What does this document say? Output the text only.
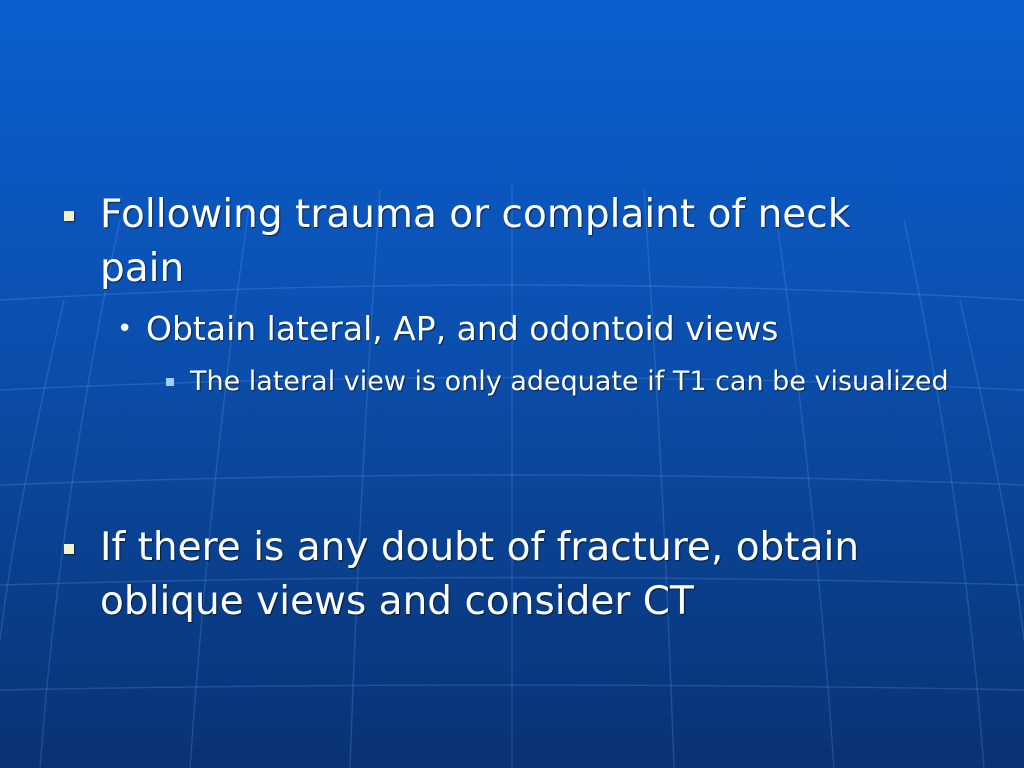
Following trauma or complaint of neck pain
• Obtain lateral, AP, and odontoid views
The lateral view is only adequate if T1 can be visualized
If there is any doubt of fracture, obtain oblique views and consider CT
